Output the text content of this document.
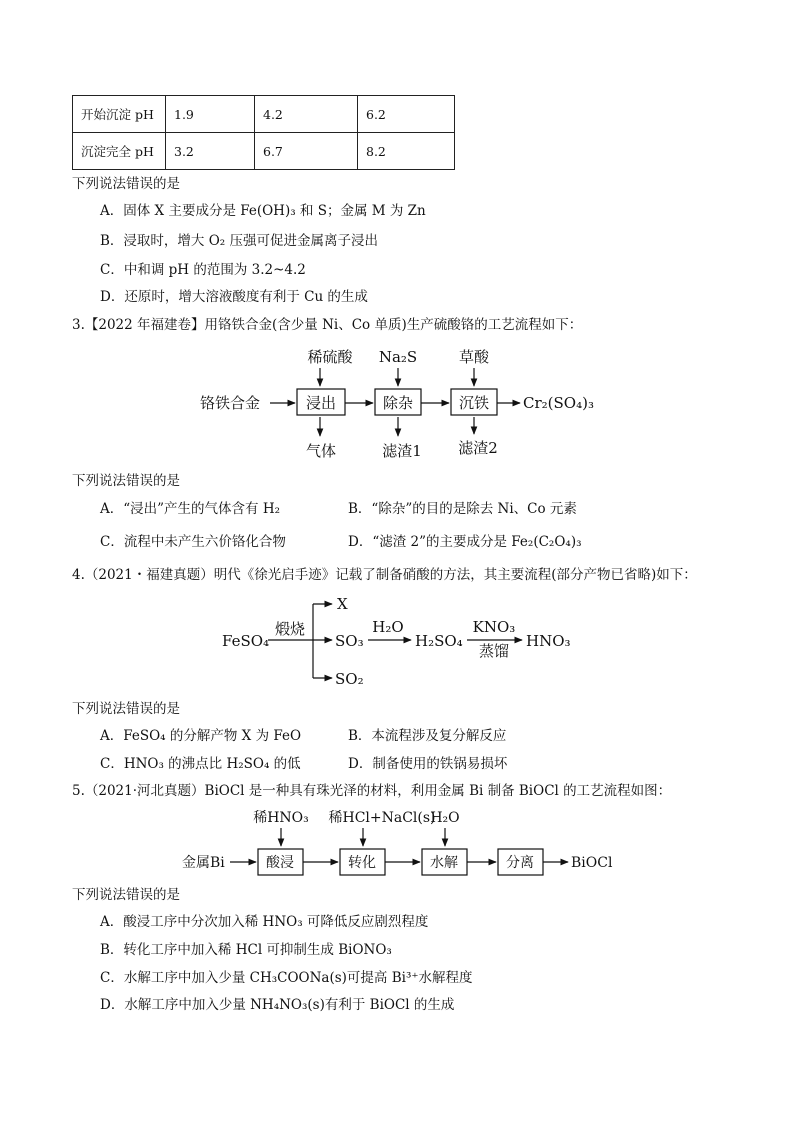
开始沉淀 pH	1.9	4.2	6.2
沉淀完全 pH	3.2	6.7	8.2
下列说法错误的是
A．固体 X 主要成分是 Fe(OH)₃ 和 S；金属 M 为 Zn
B．浸取时，增大 O₂ 压强可促进金属离子浸出
C．中和调 pH 的范围为 3.2~4.2
D．还原时，增大溶液酸度有利于 Cu 的生成
3.【2022 年福建卷】用铬铁合金(含少量 Ni、Co 单质)生产硫酸铬的工艺流程如下：
稀硫酸 Na₂S	草酸
铬铁合金	浸出	除杂	沉铁 Cr₂(SO₄)₃
气体	滤渣1 滤渣2
下列说法错误的是
A．“浸出”产生的气体含有 H₂	B．“除杂”的目的是除去 Ni、Co 元素
C．流程中未产生六价铬化合物	D．“滤渣 2”的主要成分是 Fe₂(C₂O₄)₃
4.（2021・福建真题）明代《徐光启手迹》记载了制备硝酸的方法，其主要流程(部分产物已省略)如下：
FeSO₄
煅烧
X
SO₃
SO₂
H₂O
H₂SO₄
KNO₃
蒸馏
HNO₃
下列说法错误的是
A．FeSO₄ 的分解产物 X 为 FeO	B．本流程涉及复分解反应
C．HNO₃ 的沸点比 H₂SO₄ 的低	D．制备使用的铁锅易损坏
5.（2021·河北真题）BiOCl 是一种具有珠光泽的材料，利用金属 Bi 制备 BiOCl 的工艺流程如图：
稀HNO₃ 稀HCl+NaCl(s)
H₂O
金属Bi	酸浸	转化	水解	分离	BiOCl
下列说法错误的是
A．酸浸工序中分次加入稀 HNO₃ 可降低反应剧烈程度
B．转化工序中加入稀 HCl 可抑制生成 BiONO₃
C．水解工序中加入少量 CH₃COONa(s)可提高 Bi³⁺水解程度
D．水解工序中加入少量 NH₄NO₃(s)有利于 BiOCl 的生成
